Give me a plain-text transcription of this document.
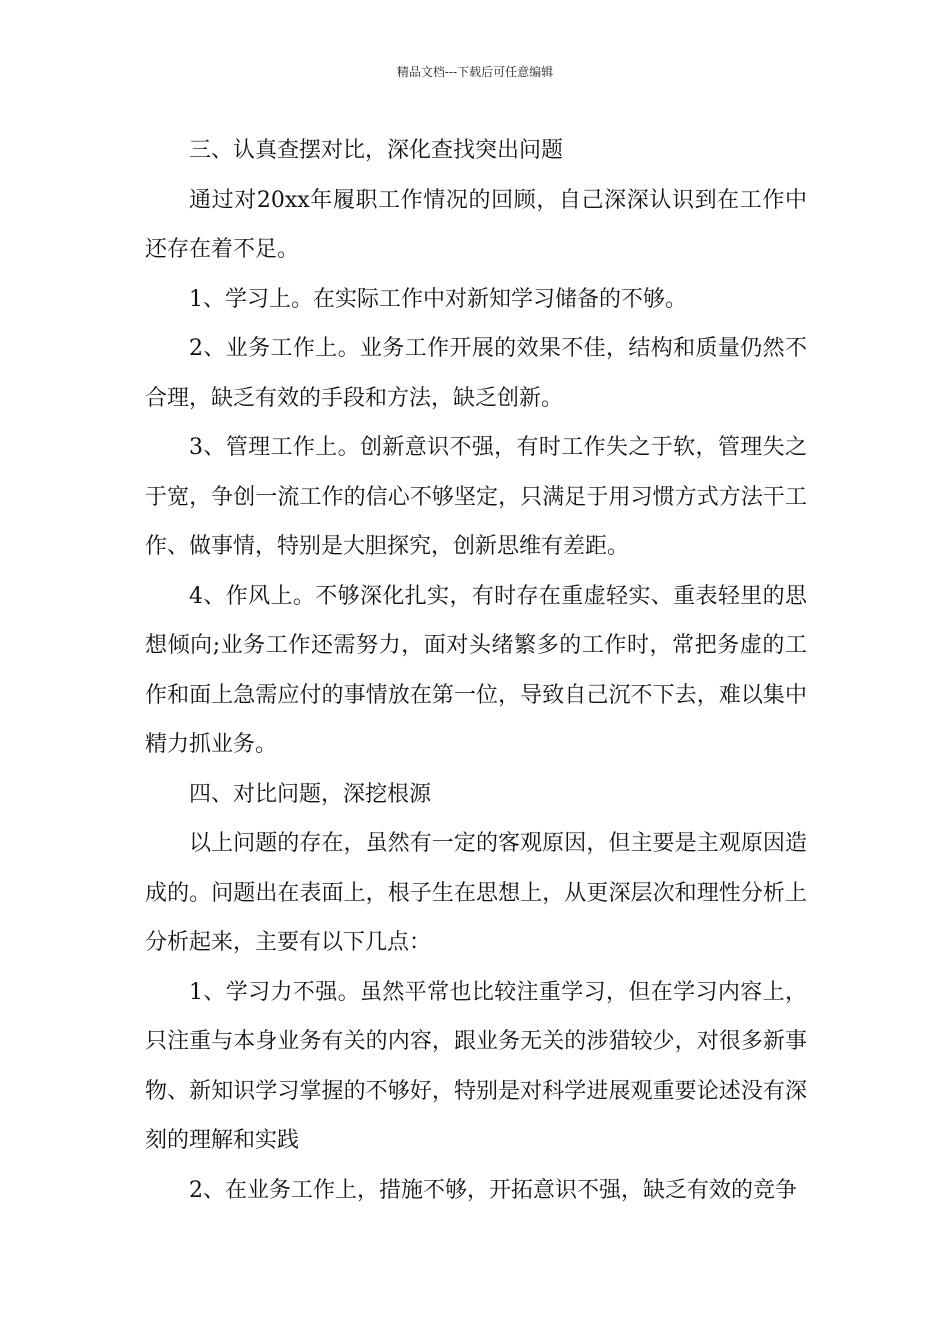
精品文档---下载后可任意编辑

三、认真查摆对比，深化查找突出问题

通过对20xx年履职工作情况的回顾，自己深深认识到在工作中还存在着不足。

1、学习上。在实际工作中对新知学习储备的不够。

2、业务工作上。业务工作开展的效果不佳，结构和质量仍然不合理，缺乏有效的手段和方法，缺乏创新。

3、管理工作上。创新意识不强，有时工作失之于软，管理失之于宽，争创一流工作的信心不够坚定，只满足于用习惯方式方法干工作、做事情，特别是大胆探究，创新思维有差距。

4、作风上。不够深化扎实，有时存在重虚轻实、重表轻里的思想倾向;业务工作还需努力，面对头绪繁多的工作时，常把务虚的工作和面上急需应付的事情放在第一位，导致自己沉不下去，难以集中精力抓业务。

四、对比问题，深挖根源

以上问题的存在，虽然有一定的客观原因，但主要是主观原因造成的。问题出在表面上，根子生在思想上，从更深层次和理性分析上分析起来，主要有以下几点：

1、学习力不强。虽然平常也比较注重学习，但在学习内容上，只注重与本身业务有关的内容，跟业务无关的涉猎较少，对很多新事物、新知识学习掌握的不够好，特别是对科学进展观重要论述没有深刻的理解和实践

2、在业务工作上，措施不够，开拓意识不强，缺乏有效的竞争
